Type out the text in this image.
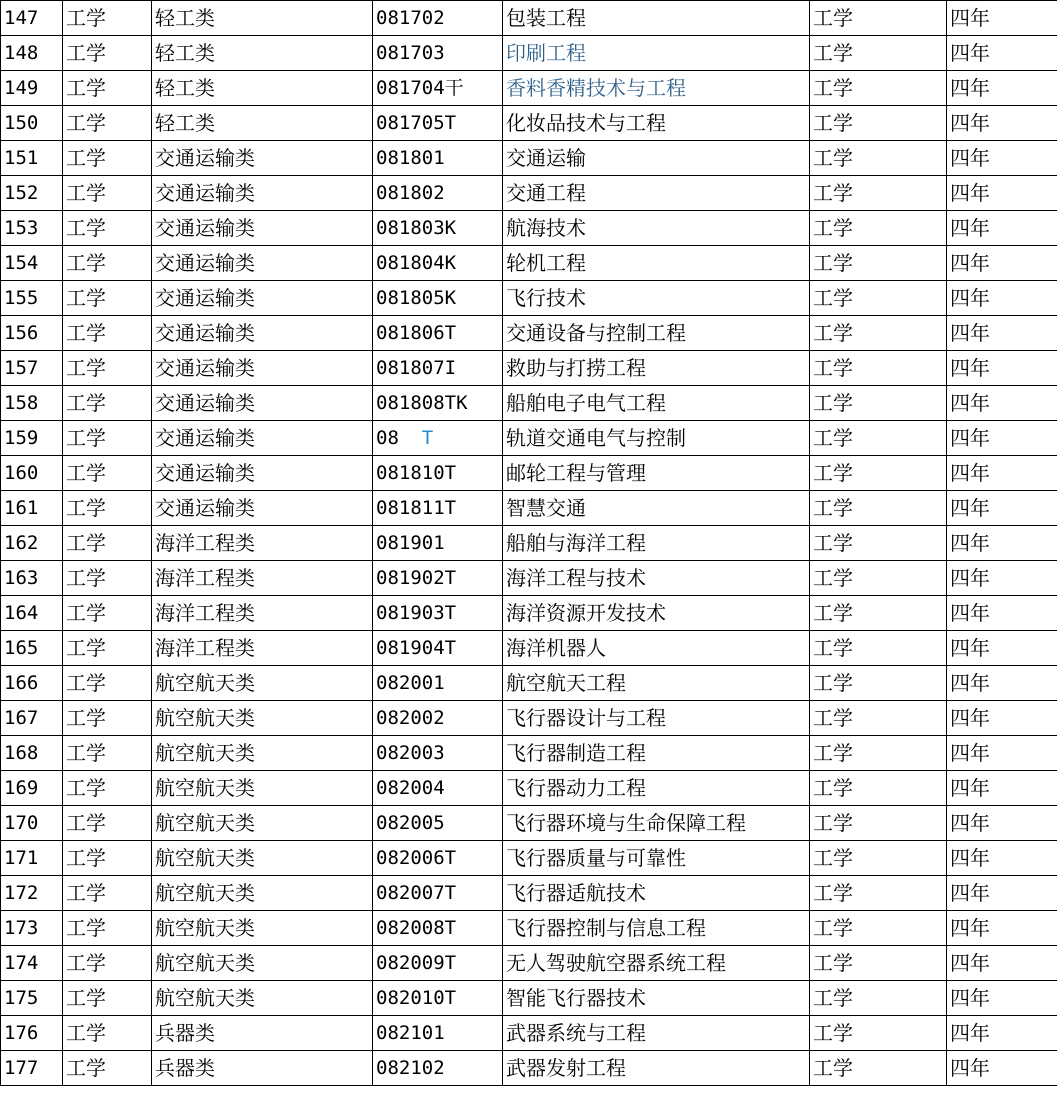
147	工学	轻工类	081702	包装工程	工学	四年
148	工学	轻工类	081703	印刷工程	工学	四年
149	工学	轻工类	081704干	香料香精技术与工程	工学	四年
150	工学	轻工类	081705T	化妆品技术与工程	工学	四年
151	工学	交通运输类	081801	交通运输	工学	四年
152	工学	交通运输类	081802	交通工程	工学	四年
153	工学	交通运输类	081803K	航海技术	工学	四年
154	工学	交通运输类	081804K	轮机工程	工学	四年
155	工学	交通运输类	081805K	飞行技术	工学	四年
156	工学	交通运输类	081806T	交通设备与控制工程	工学	四年
157	工学	交通运输类	081807I	救助与打捞工程	工学	四年
158	工学	交通运输类	081808TK	船舶电子电气工程	工学	四年
159	工学	交通运输类	08   T	轨道交通电气与控制	工学	四年
160	工学	交通运输类	081810T	邮轮工程与管理	工学	四年
161	工学	交通运输类	081811T	智慧交通	工学	四年
162	工学	海洋工程类	081901	船舶与海洋工程	工学	四年
163	工学	海洋工程类	081902T	海洋工程与技术	工学	四年
164	工学	海洋工程类	081903T	海洋资源开发技术	工学	四年
165	工学	海洋工程类	081904T	海洋机器人	工学	四年
166	工学	航空航天类	082001	航空航天工程	工学	四年
167	工学	航空航天类	082002	飞行器设计与工程	工学	四年
168	工学	航空航天类	082003	飞行器制造工程	工学	四年
169	工学	航空航天类	082004	飞行器动力工程	工学	四年
170	工学	航空航天类	082005	飞行器环境与生命保障工程	工学	四年
171	工学	航空航天类	082006T	飞行器质量与可靠性	工学	四年
172	工学	航空航天类	082007T	飞行器适航技术	工学	四年
173	工学	航空航天类	082008T	飞行器控制与信息工程	工学	四年
174	工学	航空航天类	082009T	无人驾驶航空器系统工程	工学	四年
175	工学	航空航天类	082010T	智能飞行器技术	工学	四年
176	工学	兵器类	082101	武器系统与工程	工学	四年
177	工学	兵器类	082102	武器发射工程	工学	四年
